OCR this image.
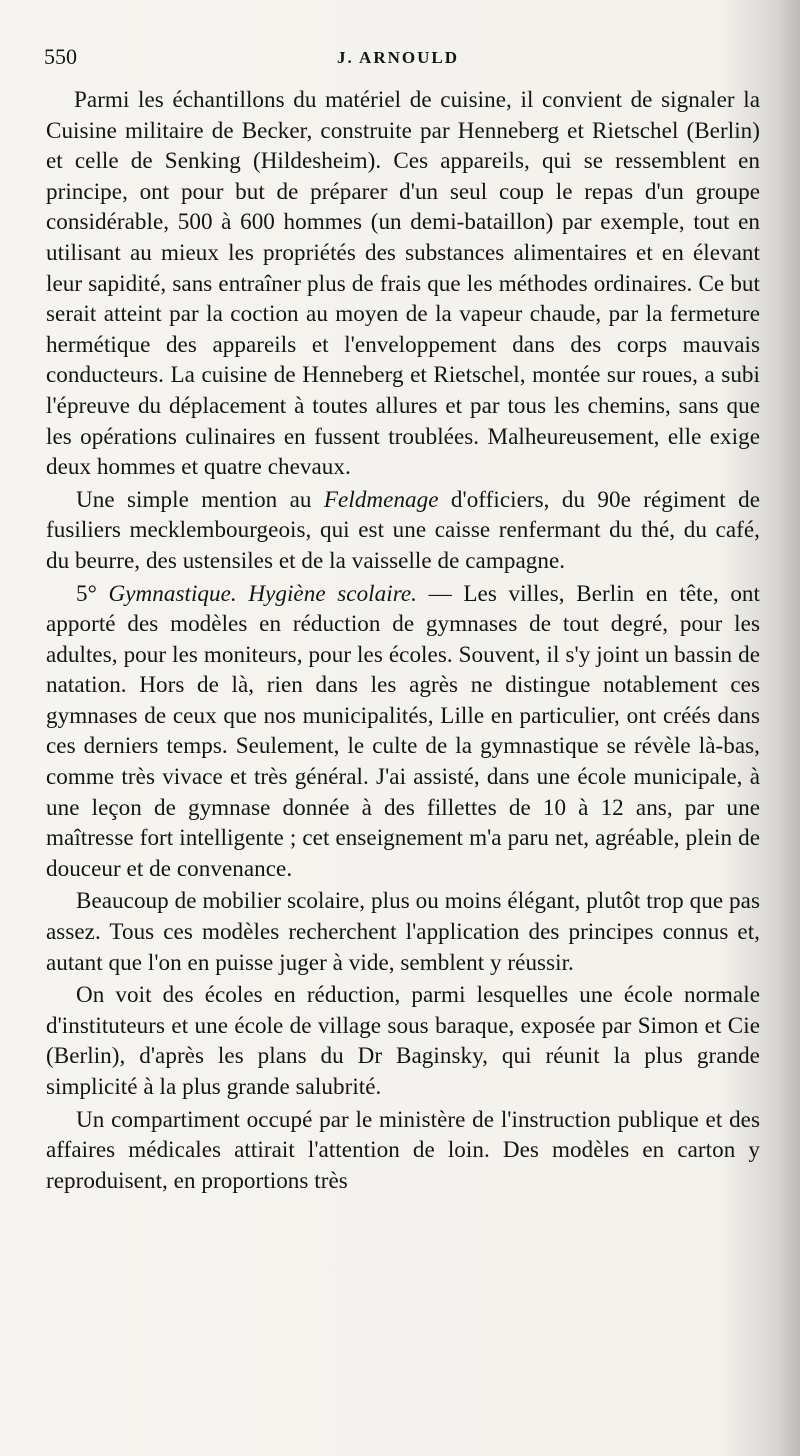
550	J. ARNOULD

Parmi les échantillons du matériel de cuisine, il convient de signaler la Cuisine militaire de Becker, construite par Henneberg et Rietschel (Berlin) et celle de Senking (Hildesheim). Ces appareils, qui se ressemblent en principe, ont pour but de préparer d'un seul coup le repas d'un groupe considérable, 500 à 600 hommes (un demi-bataillon) par exemple, tout en utilisant au mieux les propriétés des substances alimentaires et en élevant leur sapidité, sans entraîner plus de frais que les méthodes ordinaires. Ce but serait atteint par la coction au moyen de la vapeur chaude, par la fermeture hermétique des appareils et l'enveloppement dans des corps mauvais conducteurs. La cuisine de Henneberg et Rietschel, montée sur roues, a subi l'épreuve du déplacement à toutes allures et par tous les chemins, sans que les opérations culinaires en fussent troublées. Malheureusement, elle exige deux hommes et quatre chevaux.

Une simple mention au Feldmenage d'officiers, du 90e régiment de fusiliers mecklembourgeois, qui est une caisse renfermant du thé, du café, du beurre, des ustensiles et de la vaisselle de campagne.

5° Gymnastique. Hygiène scolaire. — Les villes, Berlin en tête, ont apporté des modèles en réduction de gymnases de tout degré, pour les adultes, pour les moniteurs, pour les écoles. Souvent, il s'y joint un bassin de natation. Hors de là, rien dans les agrès ne distingue notablement ces gymnases de ceux que nos municipalités, Lille en particulier, ont créés dans ces derniers temps. Seulement, le culte de la gymnastique se révèle là-bas, comme très vivace et très général. J'ai assisté, dans une école municipale, à une leçon de gymnase donnée à des fillettes de 10 à 12 ans, par une maîtresse fort intelligente ; cet enseignement m'a paru net, agréable, plein de douceur et de convenance.

Beaucoup de mobilier scolaire, plus ou moins élégant, plutôt trop que pas assez. Tous ces modèles recherchent l'application des principes connus et, autant que l'on en puisse juger à vide, semblent y réussir.

On voit des écoles en réduction, parmi lesquelles une école normale d'instituteurs et une école de village sous baraque, exposée par Simon et Cie (Berlin), d'après les plans du Dr Baginsky, qui réunit la plus grande simplicité à la plus grande salubrité.

Un compartiment occupé par le ministère de l'instruction publique et des affaires médicales attirait l'attention de loin. Des modèles en carton y reproduisent, en proportions très
